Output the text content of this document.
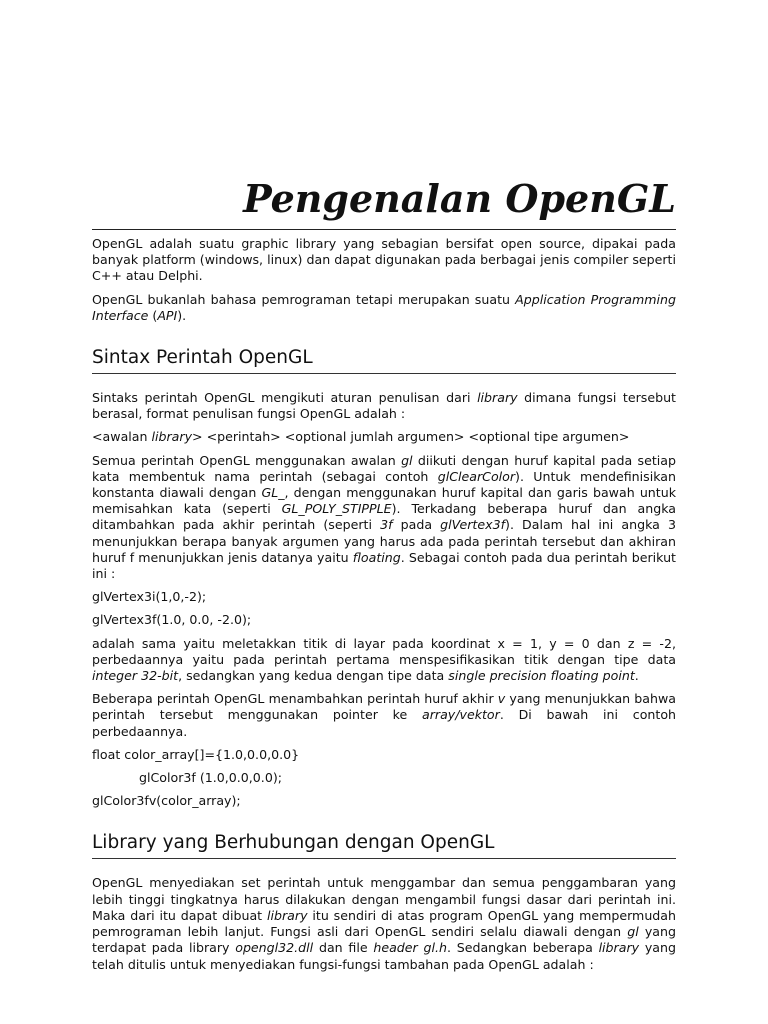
Pengenalan OpenGL

OpenGL adalah suatu graphic library yang sebagian bersifat open source, dipakai pada banyak platform (windows, linux) dan dapat digunakan pada berbagai jenis compiler seperti C++ atau Delphi.

OpenGL bukanlah bahasa pemrograman tetapi merupakan suatu Application Programming Interface (API).

Sintax Perintah OpenGL

Sintaks perintah OpenGL mengikuti aturan penulisan dari library dimana fungsi tersebut berasal, format penulisan fungsi OpenGL adalah :

<awalan library> <perintah> <optional jumlah argumen> <optional tipe argumen>

Semua perintah OpenGL menggunakan awalan gl diikuti dengan huruf kapital pada setiap kata membentuk nama perintah (sebagai contoh glClearColor). Untuk mendefinisikan konstanta diawali dengan GL_, dengan menggunakan huruf kapital dan garis bawah untuk memisahkan kata (seperti GL_POLY_STIPPLE). Terkadang beberapa huruf dan angka ditambahkan pada akhir perintah (seperti 3f pada glVertex3f). Dalam hal ini angka 3 menunjukkan berapa banyak argumen yang harus ada pada perintah tersebut dan akhiran huruf f menunjukkan jenis datanya yaitu floating. Sebagai contoh pada dua perintah berikut ini :

glVertex3i(1,0,-2);

glVertex3f(1.0, 0.0, -2.0);

adalah sama yaitu meletakkan titik di layar pada koordinat x = 1, y = 0 dan z = -2, perbedaannya yaitu pada perintah pertama menspesifikasikan titik dengan tipe data integer 32-bit, sedangkan yang kedua dengan tipe data single precision floating point.

Beberapa perintah OpenGL menambahkan perintah huruf akhir v yang menunjukkan bahwa perintah tersebut menggunakan pointer ke array/vektor. Di bawah ini contoh perbedaannya.

float color_array[]={1.0,0.0,0.0}

glColor3f (1.0,0.0,0.0);

glColor3fv(color_array);

Library yang Berhubungan dengan OpenGL

OpenGL menyediakan set perintah untuk menggambar dan semua penggambaran yang lebih tinggi tingkatnya harus dilakukan dengan mengambil fungsi dasar dari perintah ini. Maka dari itu dapat dibuat library itu sendiri di atas program OpenGL yang mempermudah pemrograman lebih lanjut. Fungsi asli dari OpenGL sendiri selalu diawali dengan gl yang terdapat pada library opengl32.dll dan file header gl.h. Sedangkan beberapa library yang telah ditulis untuk menyediakan fungsi-fungsi tambahan pada OpenGL adalah :
